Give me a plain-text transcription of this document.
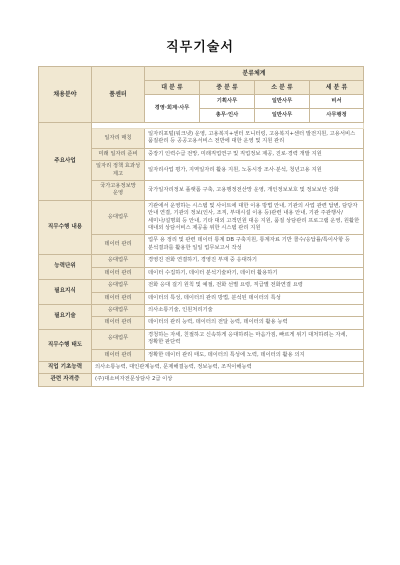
직무기술서
채용분야	품센터	분류체계			
		대 분 류	중 분 류	소 분 류	세 분 류
		경영·회계·사무	기획사무	일반사무	비서
			총무·인사	일반사무	사무행정
주요사업					
	일자리 매칭	일자리포털(워크넷) 운영, 고용복지+센터 모니터링, 고용복지+센터 발전지원, 고용서비스 품질관리 등 공공고용서비스 전반에 대한 운영 및 지원 관리			
	미래 일자리 준비	중장기 인력수급 전망, 미래직업연구 및 직업정보 제공, 진로·경력 개발 지원			
	일자리 정책 효과성 제고	일자리사업 평가, 지역일자리 활용 지원, 노동시장 조사·분석, 청년고용 지원			
	국가고용정보망 운영	국가일자리정보 플랫폼 구축, 고용행정전산망 운영, 개인정보보호 및 정보보안 강화			
직무수행 내용	응대업무	기관에서 운영하는 시스템 및 사이트에 대한 이용 방법 안내, 기관의 사업 관련 답변, 담당자 안내 연결, 기관의 정보(인사, 조직, 부대시설 이용 등)관련 내용 안내, 기관 주관행사/세미나/설명회 등 안내, 기타 대외 고객민원 대응 지원, 품질 상담관리 프로그램 운영, 원활한 대내외 상담서비스 제공을 위한 시스템 관리 지원			
	데이터 관리	업무 용 정리 및 관련 데이터 통계 DB 구축지원, 통계자료 기반 콜수/응답률/특이사항 등 분석결과를 활용한 일일 업무보고서 작성			
능력단위	응대업무	경영진 전화 연결하기, 경영진 부재 중 응대하기			
	데이터 관리	데이터 수집하기, 데이터 분석기술파기, 데이터 활용하기			
필요지식	응대업무	전화 응대 걸기 원칙 및 예절, 전화 선별 요령, 직급별 전화연결 요령			
	데이터 관리	데이터의 특성, 데이터의 관리 방법, 분석된 데이터의 특성			
필요기술	응대업무	의사소통기술, 인원처리기술			
	데이터 관리	데이터의 관리 능력, 데이터의 전달 능력, 데이터의 활용 능력			
직무수행 태도	응대업무	경청하는 자세, 친절하고 신속하게 응대하려는 마음가짐, 빠르게 위기 대처하려는 자세, 정확한 판단력			
	데이터 관리	정확한 데이터 관리 태도, 데이터의 특성에 노력, 데이터의 활용 의지			
직업 기초능력	의사소통능력, 대인관계능력, 문제해결능력, 정보능력, 조직이해능력				
관련 자격증	(주)대소비자전문상담사 2급 이상				
